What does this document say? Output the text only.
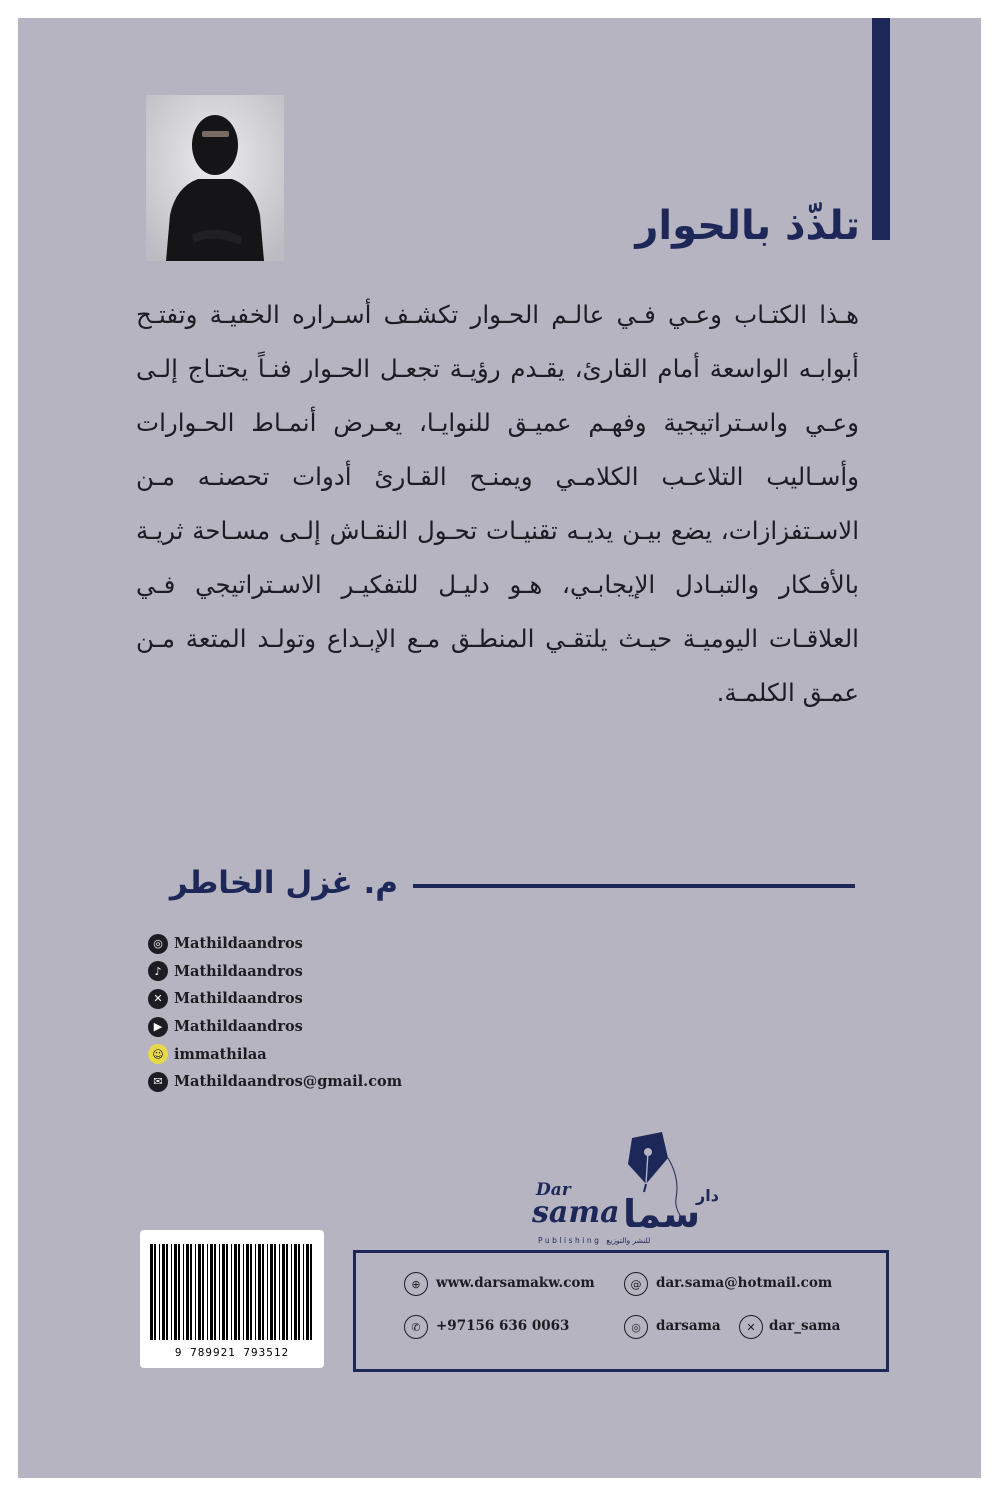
تلذّذ بالحوار

هـذا الكتـاب وعـي فـي عالـم الحـوار تكشـف أسـراره الخفيـة وتفتـح أبوابـه الواسعة أمام القارئ، يقـدم رؤيـة تجعـل الحـوار فنـاً يحتـاج إلـى وعـي واسـتراتيجية وفهـم عميـق للنوايـا، يعـرض أنمـاط الحـوارات وأسـاليب التلاعـب الكلامـي ويمنـح القـارئ أدوات تحصنـه مـن الاسـتفزازات، يضع بيـن يديـه تقنيـات تحـول النقـاش إلـى مسـاحة ثريـة بالأفـكار والتبـادل الإيجابـي، هـو دليـل للتفكيـر الاسـتراتيجي فـي العلاقـات اليوميـة حيـث يلتقـي المنطـق مـع الإبـداع وتولـد المتعة مـن عمـق الكلمـة.

م. غزل الخاطر

◎ Mathildaandros
♪ Mathildaandros
✕ Mathildaandros
▶ Mathildaandros
☺ immathilaa
✉ Mathildaandros@gmail.com
Dar
sama	دار
سما
Publishing للنشر والتوزيع
9 789921 793512
⊕	www.darsamakw.com	@	dar.sama@hotmail.com
✆	+97156 636 0063	◎	darsama	✕ dar_sama
